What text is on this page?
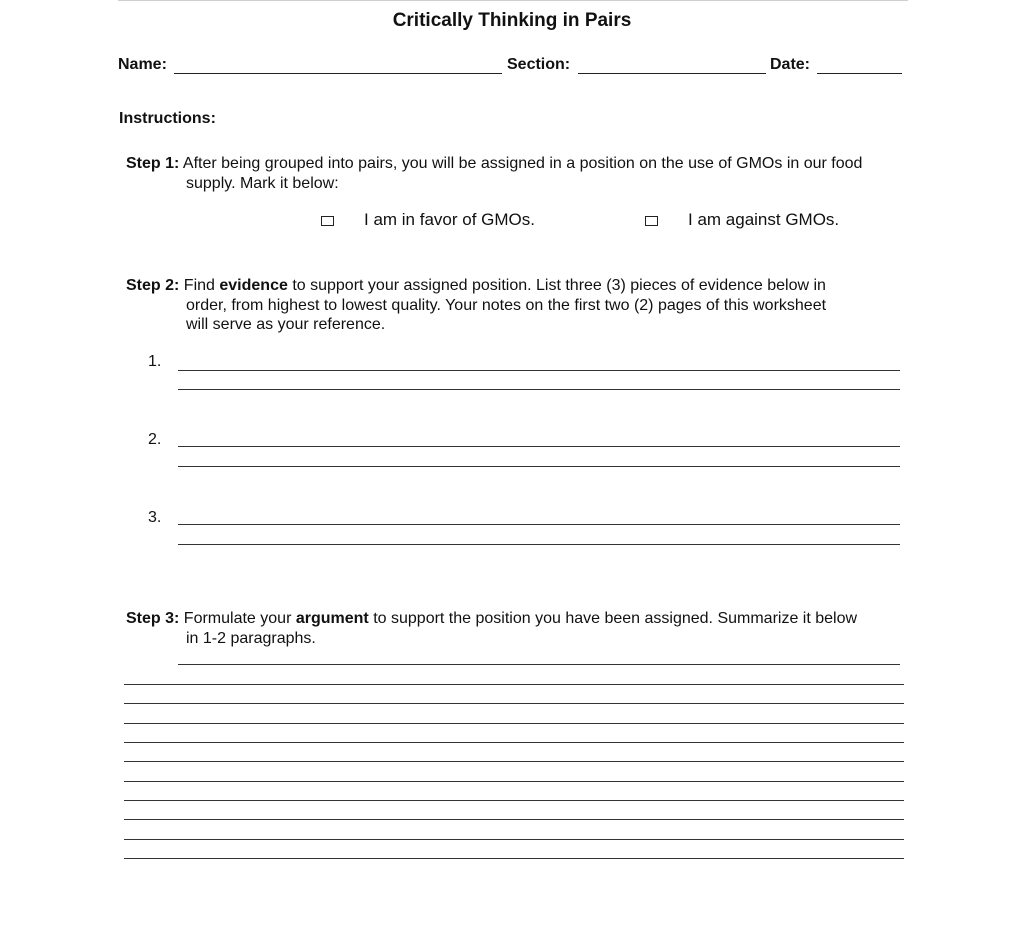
Critically Thinking in Pairs
Name:	Section:	Date:
Instructions:
Step 1: After being grouped into pairs, you will be assigned in a position on the use of GMOs in our food
supply. Mark it below:
I am in favor of GMOs.	I am against GMOs.
Step 2: Find evidence to support your assigned position. List three (3) pieces of evidence below in
order, from highest to lowest quality. Your notes on the first two (2) pages of this worksheet
will serve as your reference.
1.
2.
3.
Step 3: Formulate your argument to support the position you have been assigned. Summarize it below
in 1-2 paragraphs.
